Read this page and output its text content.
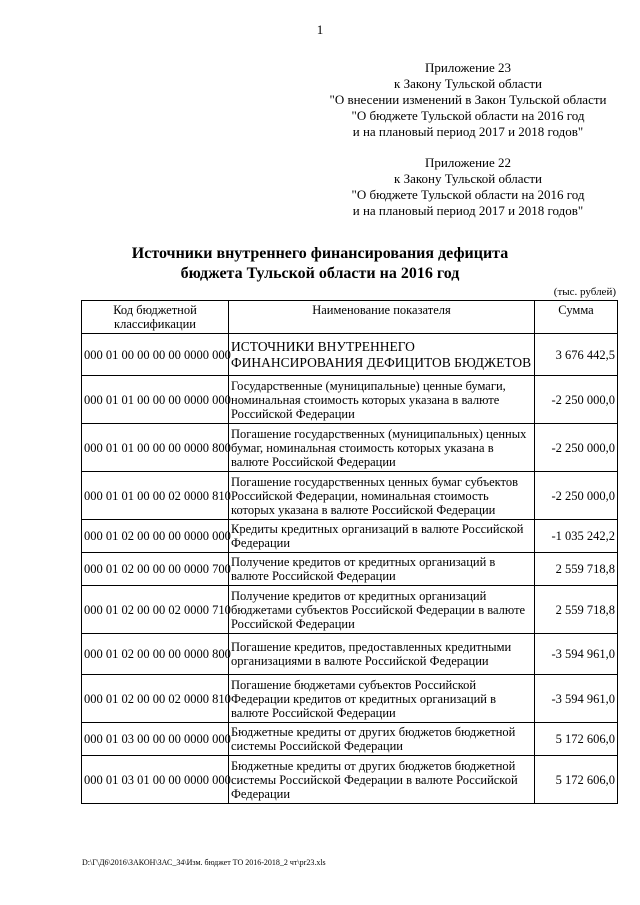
1
Приложение 23
к Закону Тульской области
"О внесении изменений в Закон Тульской области
"О бюджете Тульской области на 2016 год
и на плановый период 2017 и 2018 годов"
Приложение 22
к Закону Тульской области
"О бюджете Тульской области на 2016 год
и на плановый период 2017 и 2018 годов"
Источники внутреннего финансирования дефицита
бюджета Тульской области на 2016 год
(тыс. рублей)
Код бюджетной классификации	Наименование показателя	Сумма
000 01 00 00 00 00 0000 000	ИСТОЧНИКИ ВНУТРЕННЕГО ФИНАНСИРОВАНИЯ ДЕФИЦИТОВ БЮДЖЕТОВ	3 676 442,5
000 01 01 00 00 00 0000 000	Государственные (муниципальные) ценные бумаги, номинальная стоимость которых указана в валюте Российской Федерации	-2 250 000,0
000 01 01 00 00 00 0000 800	Погашение государственных (муниципальных) ценных бумаг, номинальная стоимость которых указана в валюте Российской Федерации	-2 250 000,0
000 01 01 00 00 02 0000 810	Погашение государственных ценных бумаг субъектов Российской Федерации, номинальная стоимость которых указана в валюте Российской Федерации	-2 250 000,0
000 01 02 00 00 00 0000 000	Кредиты кредитных организаций в валюте Российской Федерации	-1 035 242,2
000 01 02 00 00 00 0000 700	Получение кредитов от кредитных организаций в валюте Российской Федерации	2 559 718,8
000 01 02 00 00 02 0000 710	Получение кредитов от кредитных организаций бюджетами субъектов Российской Федерации в валюте Российской Федерации	2 559 718,8
000 01 02 00 00 00 0000 800	Погашение кредитов, предоставленных кредитными организациями в валюте Российской Федерации	-3 594 961,0
000 01 02 00 00 02 0000 810	Погашение бюджетами субъектов Российской Федерации кредитов от кредитных организаций в валюте Российской Федерации	-3 594 961,0
000 01 03 00 00 00 0000 000	Бюджетные кредиты от других бюджетов бюджетной системы Российской Федерации	5 172 606,0
000 01 03 01 00 00 0000 000	Бюджетные кредиты от других бюджетов бюджетной системы Российской Федерации в валюте Российской Федерации	5 172 606,0
D:\Г\Д6\2016\ЗАКОН\ЗАС_34\Изм. бюджет ТО 2016-2018_2 чт\pr23.xls
